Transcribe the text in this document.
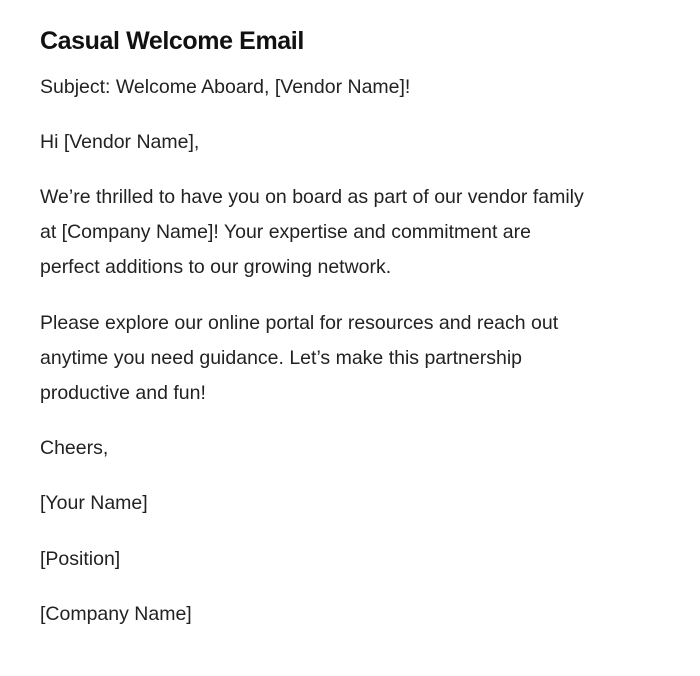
Casual Welcome Email

Subject: Welcome Aboard, [Vendor Name]!

Hi [Vendor Name],

We’re thrilled to have you on board as part of our vendor family
at [Company Name]! Your expertise and commitment are
perfect additions to our growing network.

Please explore our online portal for resources and reach out
anytime you need guidance. Let’s make this partnership
productive and fun!

Cheers,

[Your Name]

[Position]

[Company Name]
